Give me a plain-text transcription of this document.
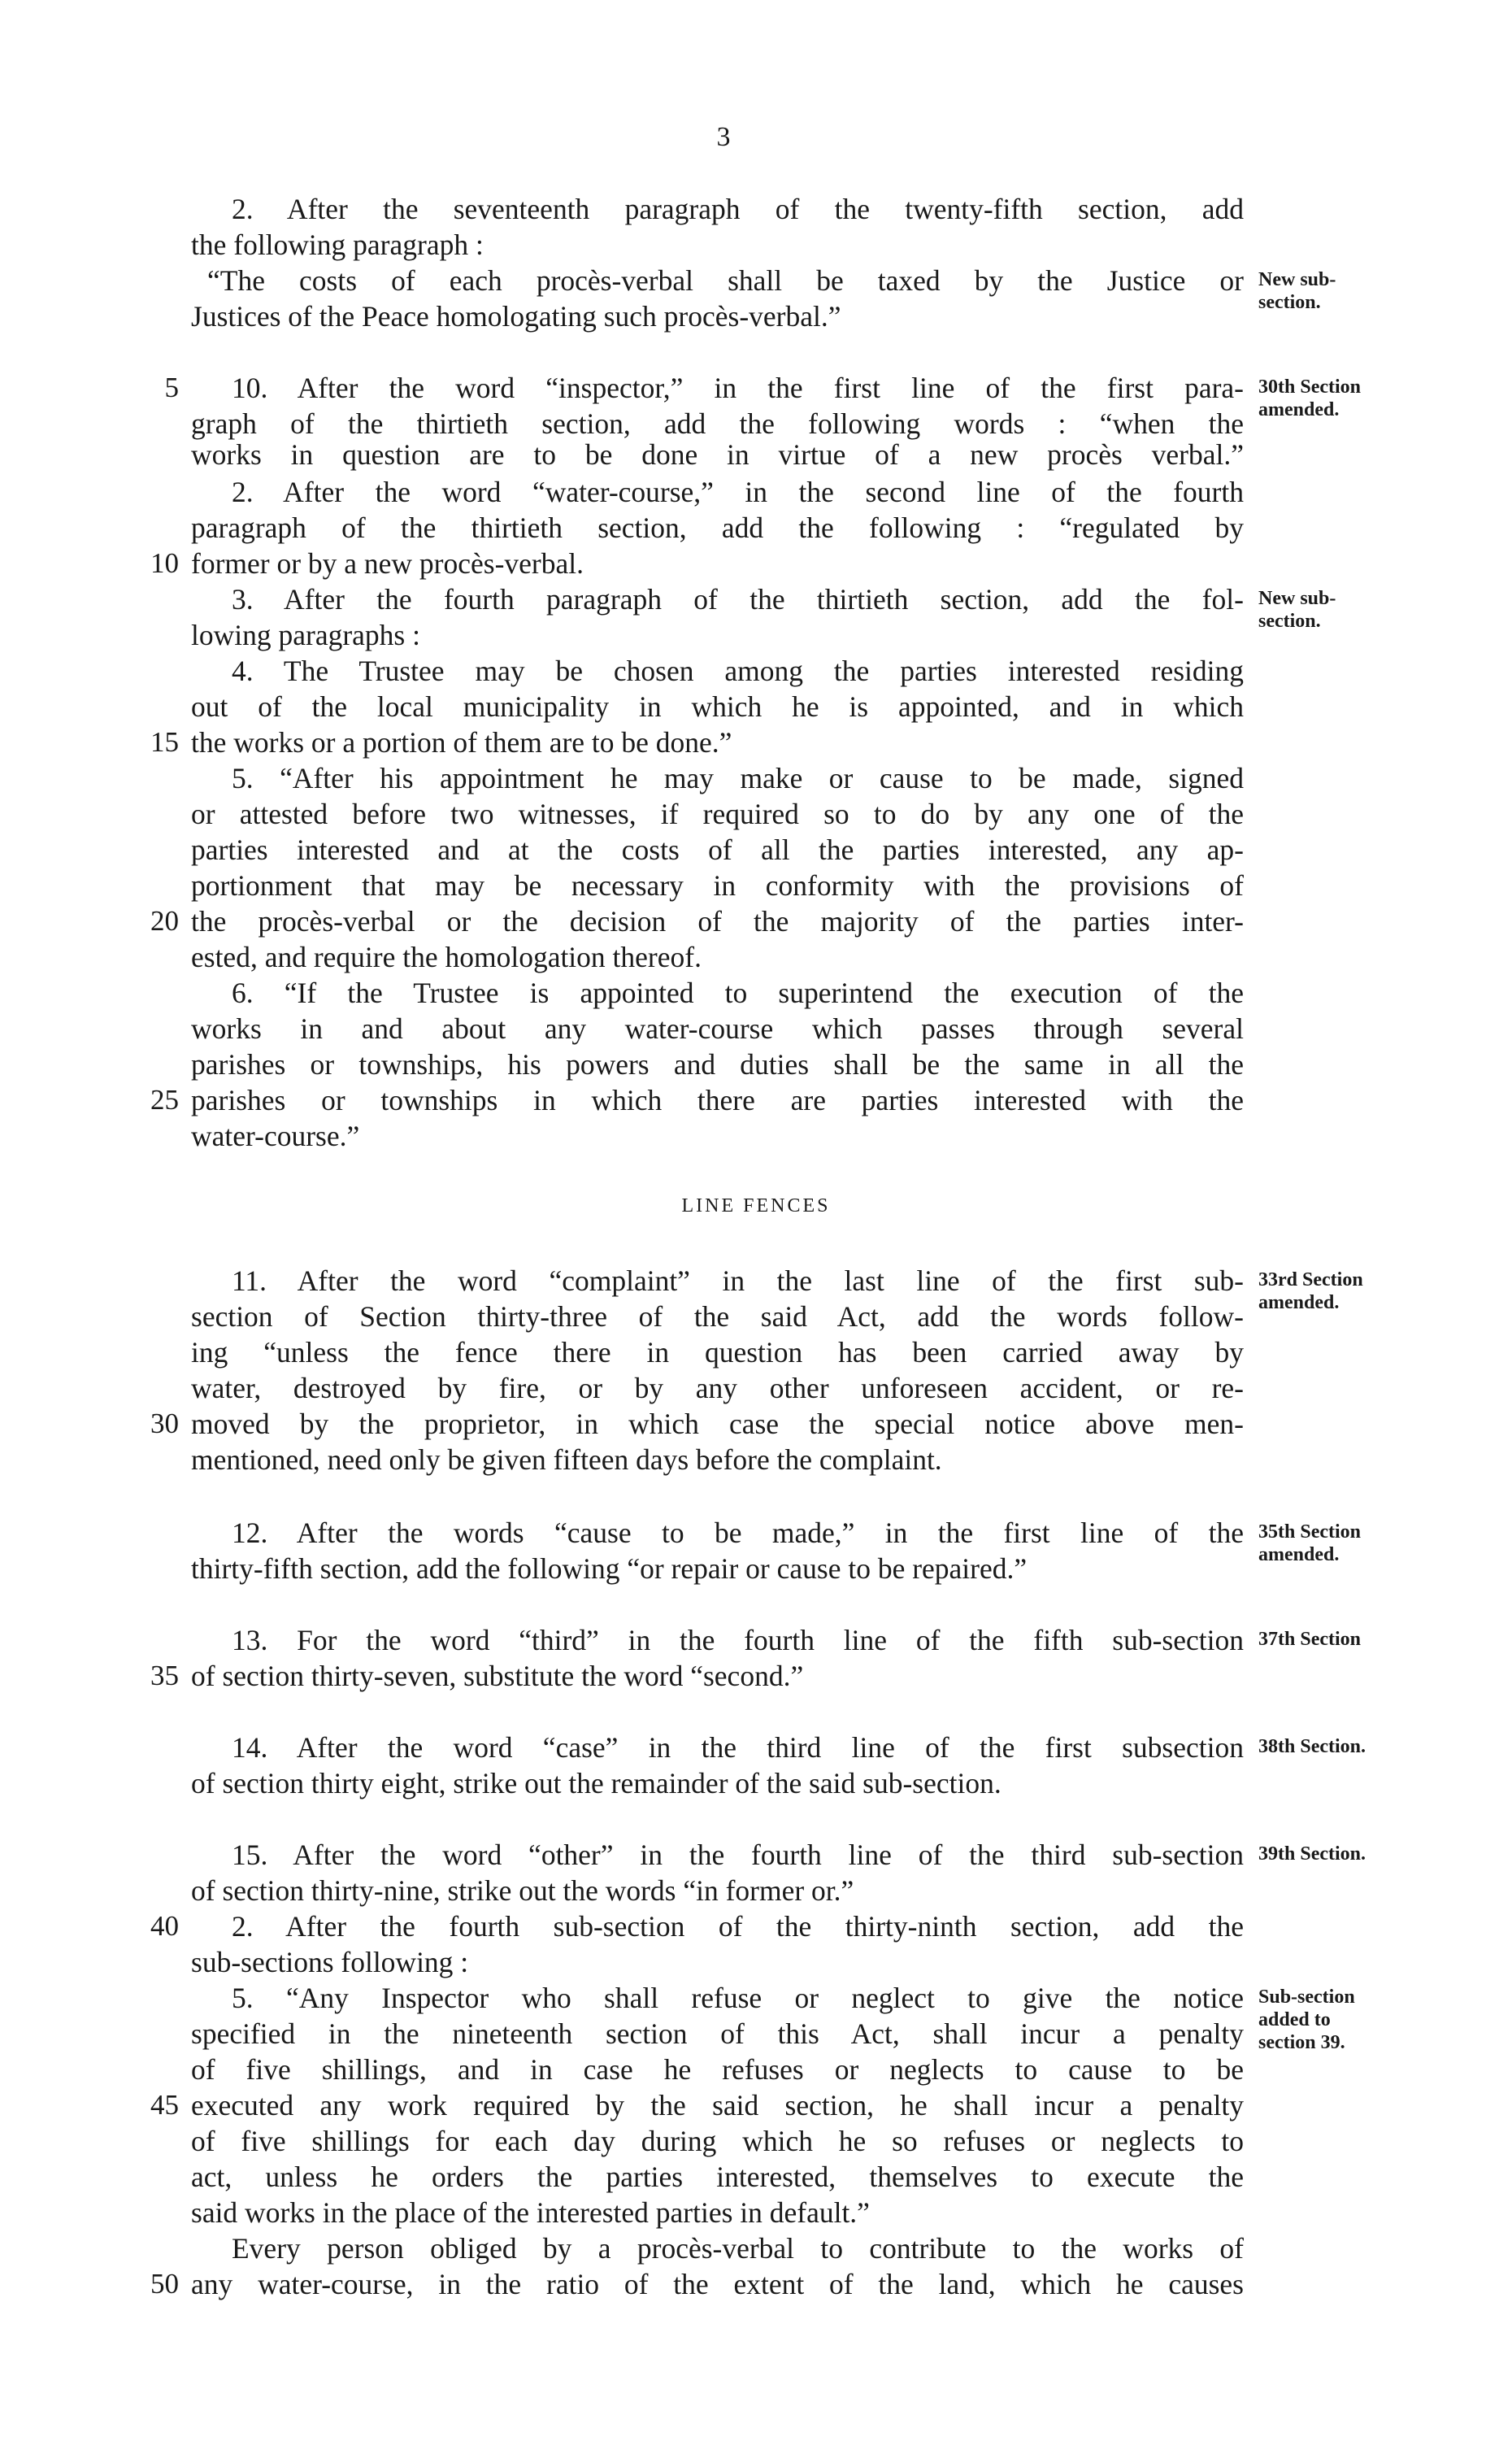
3
2. After the seventeenth paragraph of the twenty-fifth section, add
the following paragraph :
“The costs of each procès-verbal shall be taxed by the Justice or
Justices of the Peace homologating such procès-verbal.”
10. After the word “inspector,” in the first line of the first para-
graph of the thirtieth section, add the following words : “when the
works in question are to be done in virtue of a new procès verbal.”
2. After the word “water-course,” in the second line of the fourth
paragraph of the thirtieth section, add the following : “regulated by
former or by a new procès-verbal.
3. After the fourth paragraph of the thirtieth section, add the fol-
lowing paragraphs :
4. The Trustee may be chosen among the parties interested residing
out of the local municipality in which he is appointed, and in which
the works or a portion of them are to be done.”
5. “After his appointment he may make or cause to be made, signed
or attested before two witnesses, if required so to do by any one of the
parties interested and at the costs of all the parties interested, any ap-
portionment that may be necessary in conformity with the provisions of
the procès-verbal or the decision of the majority of the parties inter-
ested, and require the homologation thereof.
6. “If the Trustee is appointed to superintend the execution of the
works in and about any water-course which passes through several
parishes or townships, his powers and duties shall be the same in all the
parishes or townships in which there are parties interested with the
water-course.”
11. After the word “complaint” in the last line of the first sub-
section of Section thirty-three of the said Act, add the words follow-
ing “unless the fence there in question has been carried away by
water, destroyed by fire, or by any other unforeseen accident, or re-
moved by the proprietor, in which case the special notice above men-
mentioned, need only be given fifteen days before the complaint.
12. After the words “cause to be made,” in the first line of the
thirty-fifth section, add the following “or repair or cause to be repaired.”
13. For the word “third” in the fourth line of the fifth sub-section
of section thirty-seven, substitute the word “second.”
14. After the word “case” in the third line of the first subsection
of section thirty eight, strike out the remainder of the said sub-section.
15. After the word “other” in the fourth line of the third sub-section
of section thirty-nine, strike out the words “in former or.”
2. After the fourth sub-section of the thirty-ninth section, add the
sub-sections following :
5. “Any Inspector who shall refuse or neglect to give the notice
specified in the nineteenth section of this Act, shall incur a penalty
of five shillings, and in case he refuses or neglects to cause to be
executed any work required by the said section, he shall incur a penalty
of five shillings for each day during which he so refuses or neglects to
act, unless he orders the parties interested, themselves to execute the
said works in the place of the interested parties in default.”
Every person obliged by a procès-verbal to contribute to the works of
any water-course, in the ratio of the extent of the land, which he causes
LINE FENCES
5
10
15
20
25
30
35
40
45
50
New sub-section.
30th Section amended.
New sub-section.
33rd Section amended.
35th Section amended.
37th Section
38th Section.
39th Section.
Sub-section added to section 39.
